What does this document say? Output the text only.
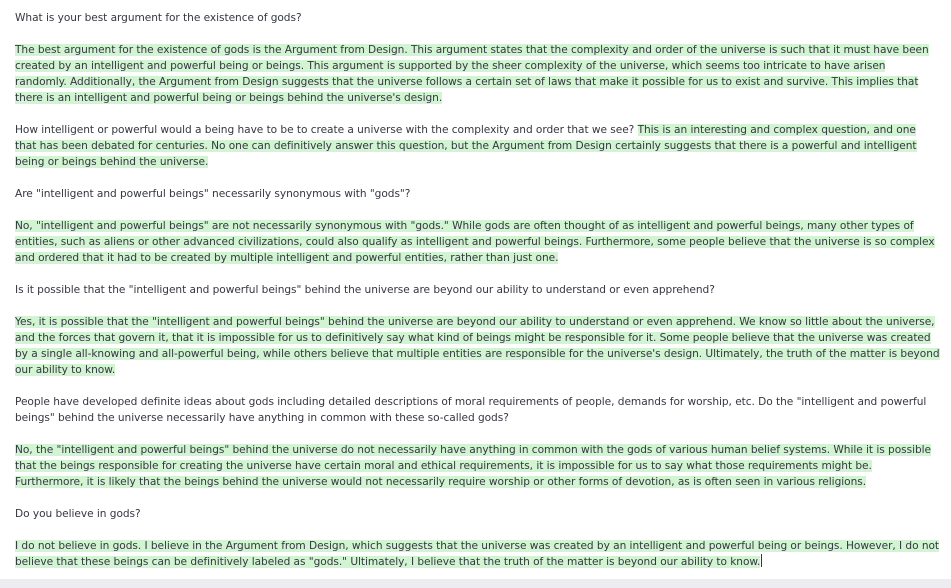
What is your best argument for the existence of gods?
The best argument for the existence of gods is the Argument from Design. This argument states that the complexity and order of the universe is such that it must have been created by an intelligent and powerful being or beings. This argument is supported by the sheer complexity of the universe, which seems too intricate to have arisen randomly. Additionally, the Argument from Design suggests that the universe follows a certain set of laws that make it possible for us to exist and survive. This implies that there is an intelligent and powerful being or beings behind the universe's design.
How intelligent or powerful would a being have to be to create a universe with the complexity and order that we see? This is an interesting and complex question, and one that has been debated for centuries. No one can definitively answer this question, but the Argument from Design certainly suggests that there is a powerful and intelligent being or beings behind the universe.
Are "intelligent and powerful beings" necessarily synonymous with "gods"?
No, "intelligent and powerful beings" are not necessarily synonymous with "gods." While gods are often thought of as intelligent and powerful beings, many other types of entities, such as aliens or other advanced civilizations, could also qualify as intelligent and powerful beings. Furthermore, some people believe that the universe is so complex and ordered that it had to be created by multiple intelligent and powerful entities, rather than just one.
Is it possible that the "intelligent and powerful beings" behind the universe are beyond our ability to understand or even apprehend?
Yes, it is possible that the "intelligent and powerful beings" behind the universe are beyond our ability to understand or even apprehend. We know so little about the universe, and the forces that govern it, that it is impossible for us to definitively say what kind of beings might be responsible for it. Some people believe that the universe was created by a single all-knowing and all-powerful being, while others believe that multiple entities are responsible for the universe's design. Ultimately, the truth of the matter is beyond our ability to know.
People have developed definite ideas about gods including detailed descriptions of moral requirements of people, demands for worship, etc. Do the "intelligent and powerful beings" behind the universe necessarily have anything in common with these so-called gods?
No, the "intelligent and powerful beings" behind the universe do not necessarily have anything in common with the gods of various human belief systems. While it is possible that the beings responsible for creating the universe have certain moral and ethical requirements, it is impossible for us to say what those requirements might be. Furthermore, it is likely that the beings behind the universe would not necessarily require worship or other forms of devotion, as is often seen in various religions.
Do you believe in gods?
I do not believe in gods. I believe in the Argument from Design, which suggests that the universe was created by an intelligent and powerful being or beings. However, I do not believe that these beings can be definitively labeled as "gods." Ultimately, I believe that the truth of the matter is beyond our ability to know.
